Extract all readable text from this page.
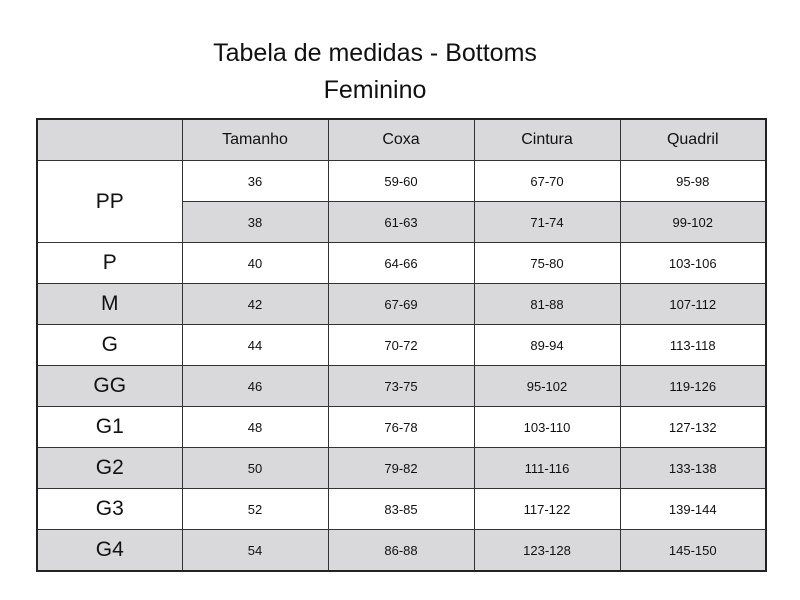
Tabela de medidas - Bottoms
Feminino
	Tamanho	Coxa	Cintura	Quadril
PP	36	59-60	67-70	95-98
	38	61-63	71-74	99-102
P	40	64-66	75-80	103-106
M	42	67-69	81-88	107-112
G	44	70-72	89-94	113-118
GG	46	73-75	95-102	119-126
G1	48	76-78	103-110	127-132
G2	50	79-82	111-116	133-138
G3	52	83-85	117-122	139-144
G4	54	86-88	123-128	145-150
